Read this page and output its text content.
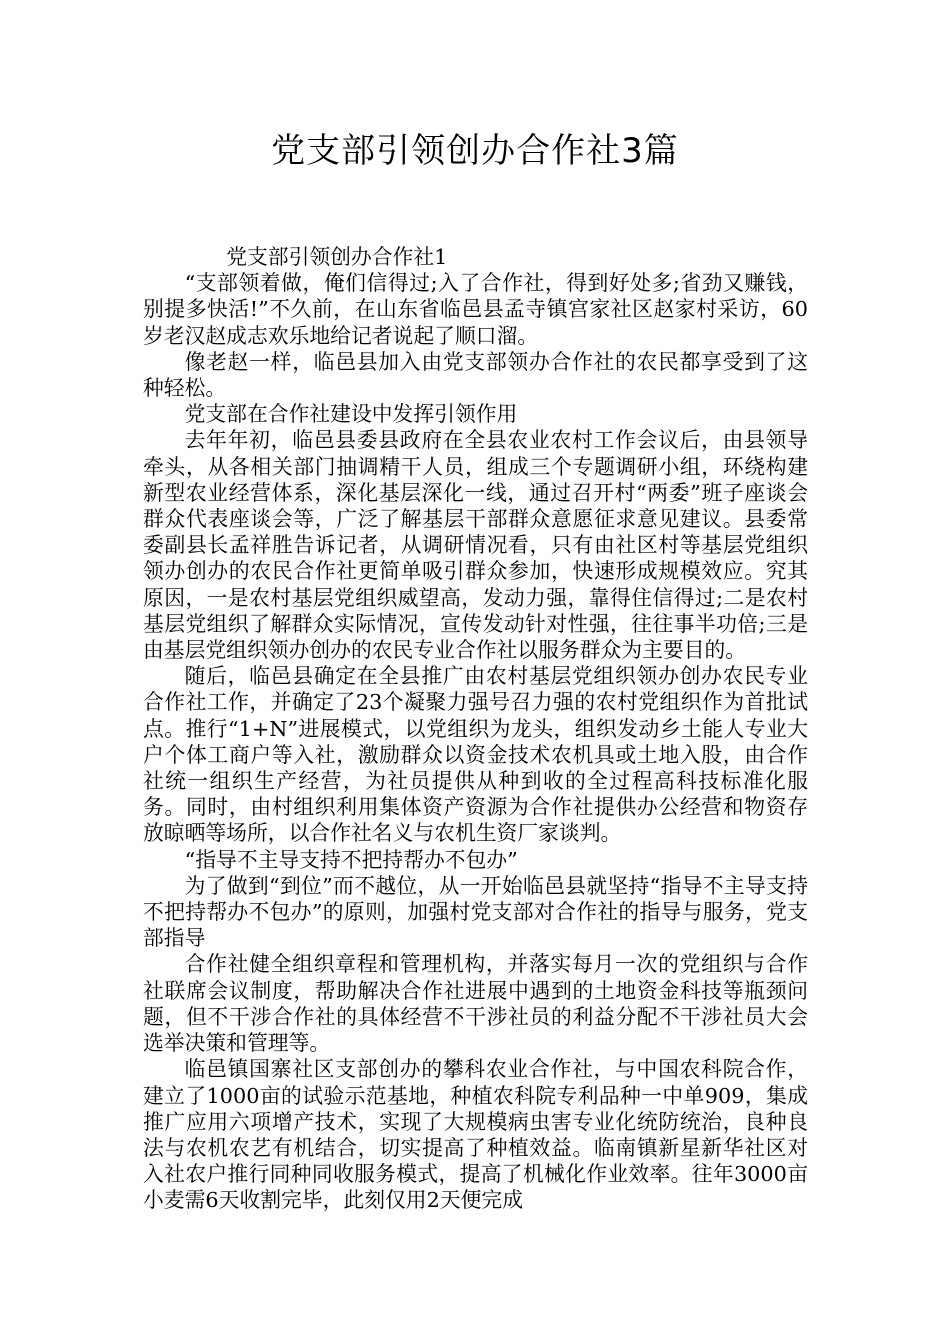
党支部引领创办合作社3篇

党支部引领创办合作社1

“支部领着做，俺们信得过;入了合作社，得到好处多;省劲又赚钱，别提多快活!”不久前，在山东省临邑县孟寺镇宫家社区赵家村采访，60岁老汉赵成志欢乐地给记者说起了顺口溜。

像老赵一样，临邑县加入由党支部领办合作社的农民都享受到了这种轻松。

党支部在合作社建设中发挥引领作用

去年年初，临邑县委县政府在全县农业农村工作会议后，由县领导牵头，从各相关部门抽调精干人员，组成三个专题调研小组，环绕构建新型农业经营体系，深化基层深化一线，通过召开村“两委”班子座谈会群众代表座谈会等，广泛了解基层干部群众意愿征求意见建议。县委常委副县长孟祥胜告诉记者，从调研情况看，只有由社区村等基层党组织领办创办的农民合作社更简单吸引群众参加，快速形成规模效应。究其原因，一是农村基层党组织威望高，发动力强，靠得住信得过;二是农村基层党组织了解群众实际情况，宣传发动针对性强，往往事半功倍;三是由基层党组织领办创办的农民专业合作社以服务群众为主要目的。

随后，临邑县确定在全县推广由农村基层党组织领办创办农民专业合作社工作，并确定了23个凝聚力强号召力强的农村党组织作为首批试点。推行“1+N”进展模式，以党组织为龙头，组织发动乡土能人专业大户个体工商户等入社，激励群众以资金技术农机具或土地入股，由合作社统一组织生产经营，为社员提供从种到收的全过程高科技标准化服务。同时，由村组织利用集体资产资源为合作社提供办公经营和物资存放晾晒等场所，以合作社名义与农机生资厂家谈判。

“指导不主导支持不把持帮办不包办”

为了做到“到位”而不越位，从一开始临邑县就坚持“指导不主导支持不把持帮办不包办”的原则，加强村党支部对合作社的指导与服务，党支部指导

合作社健全组织章程和管理机构，并落实每月一次的党组织与合作社联席会议制度，帮助解决合作社进展中遇到的土地资金科技等瓶颈问题，但不干涉合作社的具体经营不干涉社员的利益分配不干涉社员大会选举决策和管理等。

临邑镇国寨社区支部创办的攀科农业合作社，与中国农科院合作，建立了1000亩的试验示范基地，种植农科院专利品种一中单909，集成推广应用六项增产技术，实现了大规模病虫害专业化统防统治，良种良法与农机农艺有机结合，切实提高了种植效益。临南镇新星新华社区对入社农户推行同种同收服务模式，提高了机械化作业效率。往年3000亩小麦需6天收割完毕，此刻仅用2天便完成
